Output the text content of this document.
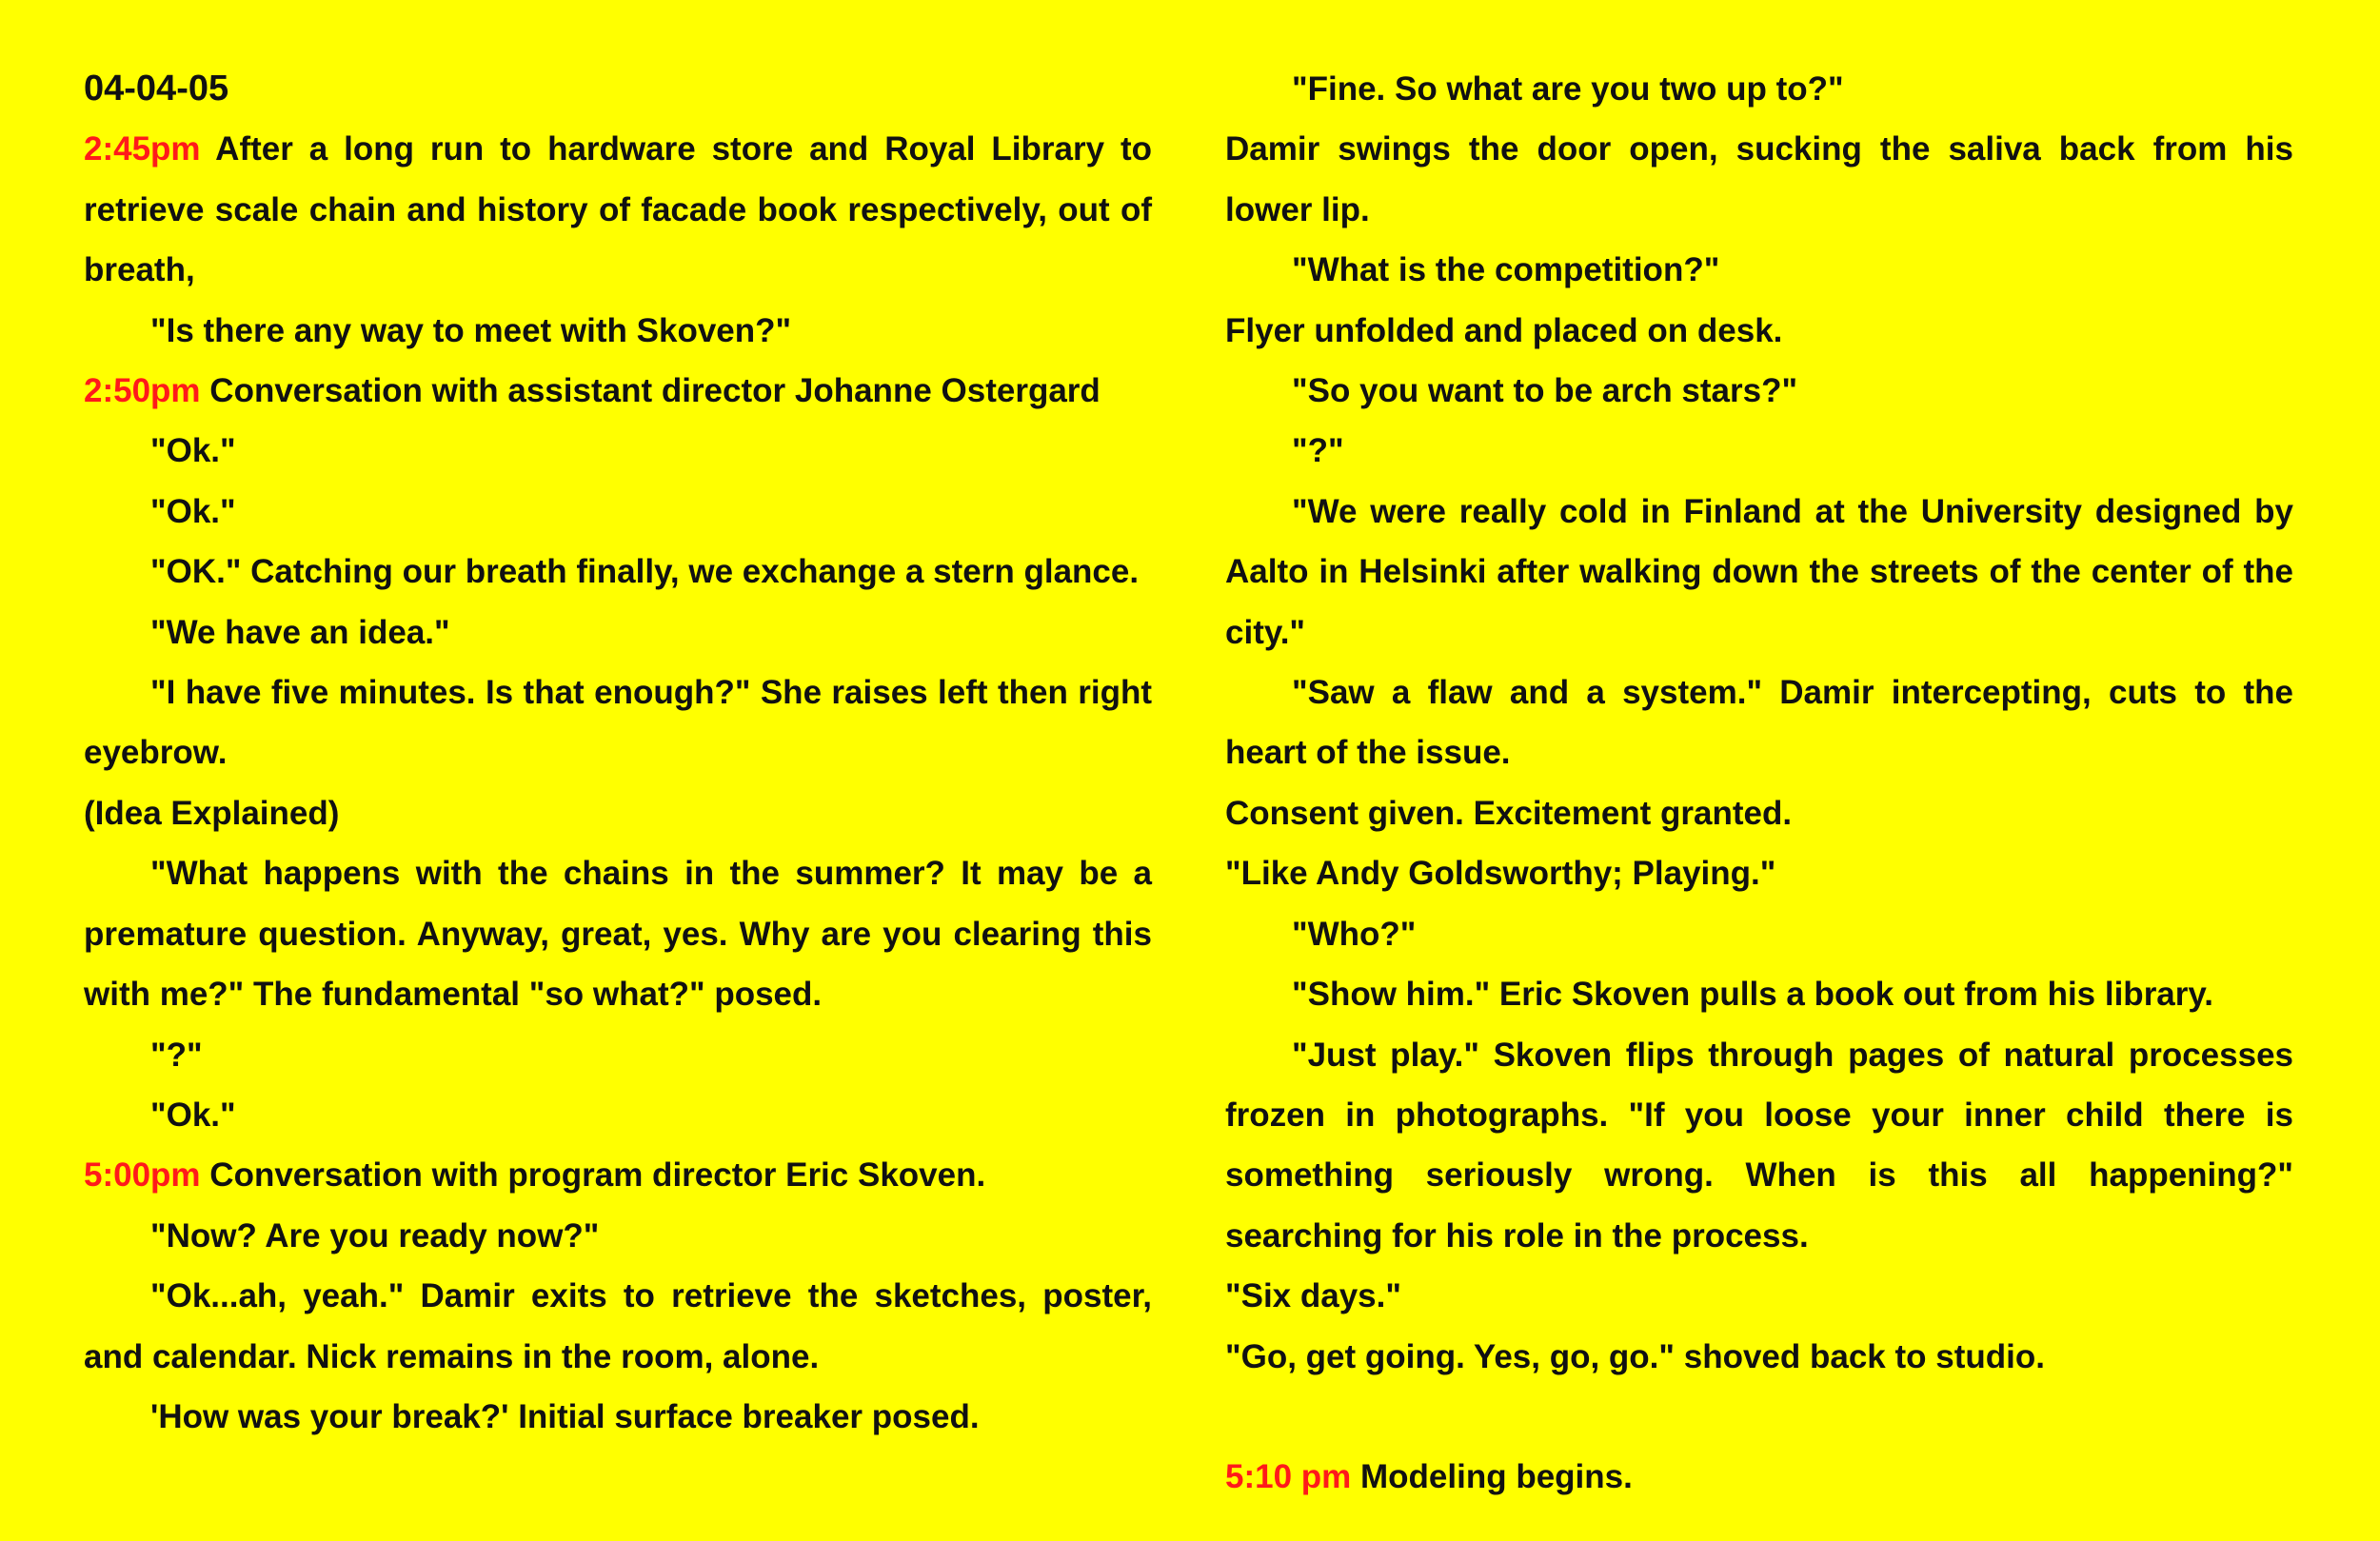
04-04-05

2:45pm After a long run to hardware store and Royal Library to retrieve scale chain and history of facade book respectively, out of breath,

"Is there any way to meet with Skoven?"

2:50pm Conversation with assistant director Johanne Ostergard

"Ok."

"Ok."

"OK." Catching our breath finally, we exchange a stern glance.

"We have an idea."

"I have five minutes. Is that enough?" She raises left then right eyebrow.

(Idea Explained)

"What happens with the chains in the summer? It may be a premature question. Anyway, great, yes. Why are you clearing this with me?" The fundamental "so what?" posed.

"?"

"Ok."

5:00pm Conversation with program director Eric Skoven.

"Now? Are you ready now?"

"Ok...ah, yeah." Damir exits to retrieve the sketches, poster, and calendar. Nick remains in the room, alone.

'How was your break?' Initial surface breaker posed.

"Fine. So what are you two up to?"

Damir swings the door open, sucking the saliva back from his lower lip.

"What is the competition?"

Flyer unfolded and placed on desk.

"So you want to be arch stars?"

"?"

"We were really cold in Finland at the University designed by Aalto in Helsinki after walking down the streets of the center of the city."

"Saw a flaw and a system." Damir intercepting, cuts to the heart of the issue.

Consent given. Excitement granted.

"Like Andy Goldsworthy; Playing."

"Who?"

"Show him." Eric Skoven pulls a book out from his library.

"Just play." Skoven flips through pages of natural processes frozen in photographs. "If you loose your inner child there is something seriously wrong. When is this all happening?" searching for his role in the process.

"Six days."

"Go, get going. Yes, go, go." shoved back to studio.

5:10 pm Modeling begins.
